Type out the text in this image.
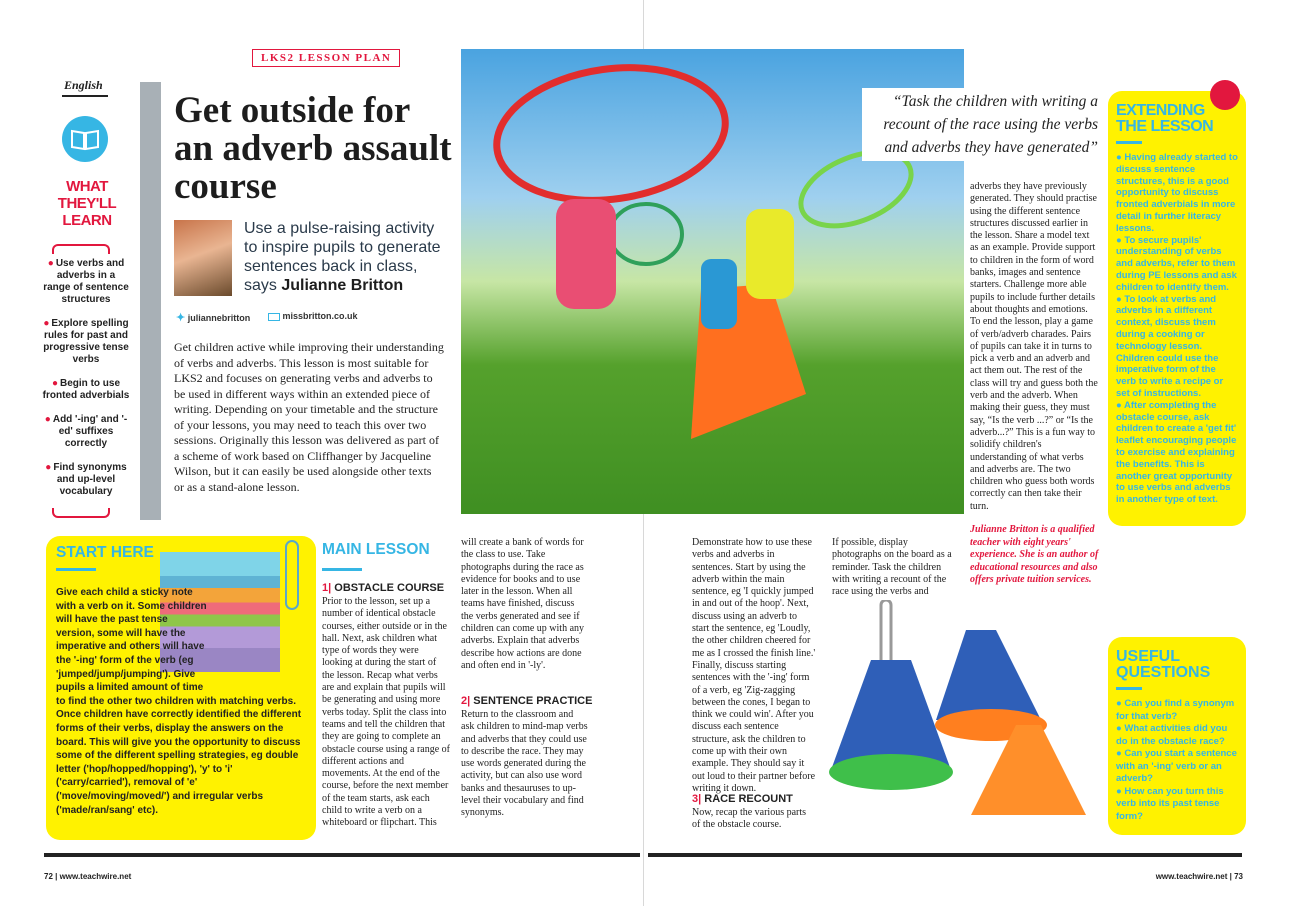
LKS2 LESSON PLAN
English
WHAT THEY'LL LEARN
● Use verbs and adverbs in a range of sentence structures
● Explore spelling rules for past and progressive tense verbs
● Begin to use fronted adverbials
● Add '-ing' and '-ed' suffixes correctly
● Find synonyms and up-level vocabulary
Get outside for an adverb assault course
Use a pulse-raising activity to inspire pupils to generate sentences back in class, says Julianne Britton
✦ juliannebritton	missbritton.co.uk

Get children active while improving their understanding of verbs and adverbs. This lesson is most suitable for LKS2 and focuses on generating verbs and adverbs to be used in different ways within an extended piece of writing. Depending on your timetable and the structure of your lessons, you may need to teach this over two sessions. Originally this lesson was delivered as part of a scheme of work based on Cliffhanger by Jacqueline Wilson, but it can easily be used alongside other texts or as a stand-alone lesson.

“Task the children with writing a recount of the race using the verbs and adverbs they have generated”

adverbs they have previously generated. They should practise using the different sentence structures discussed earlier in the lesson. Share a model text as an example. Provide support to children in the form of word banks, images and sentence starters. Challenge more able pupils to include further details about thoughts and emotions. To end the lesson, play a game of verb/adverb charades. Pairs of pupils can take it in turns to pick a verb and an adverb and act them out. The rest of the class will try and guess both the verb and the adverb. When making their guess, they must say, “Is the verb ...?” or “Is the adverb...?” This is a fun way to solidify children's understanding of what verbs and adverbs are. The two children who guess both words correctly can then take their turn.

Julianne Britton is a qualified teacher with eight years' experience. She is an author of educational resources and also offers private tuition services.

EXTENDING THE LESSON

● Having already started to discuss sentence structures, this is a good opportunity to discuss fronted adverbials in more detail in further literacy lessons.

● To secure pupils' understanding of verbs and adverbs, refer to them during PE lessons and ask children to identify them.

● To look at verbs and adverbs in a different context, discuss them during a cooking or technology lesson. Children could use the imperative form of the verb to write a recipe or set of instructions.

● After completing the obstacle course, ask children to create a 'get fit' leaflet encouraging people to exercise and explaining the benefits. This is another great opportunity to use verbs and adverbs in another type of text.

START HERE

Give each child a sticky note with a verb on it. Some children will have the past tense version, some will have the imperative and others will have the '-ing' form of the verb (eg 'jumped/jump/jumping'). Give pupils a limited amount of time to find the other two children with matching verbs. Once children have correctly identified the different forms of their verbs, display the answers on the board. This will give you the opportunity to discuss some of the different spelling strategies, eg double letter ('hop/hopped/hopping'), 'y' to 'i' ('carry/carried'), removal of 'e' ('move/moving/moved/') and irregular verbs ('made/ran/sang' etc).

MAIN LESSON
1| OBSTACLE COURSE

Prior to the lesson, set up a number of identical obstacle courses, either outside or in the hall. Next, ask children what type of words they were looking at during the start of the lesson. Recap what verbs are and explain that pupils will be generating and using more verbs today. Split the class into teams and tell the children that they are going to complete an obstacle course using a range of different actions and movements. At the end of the course, before the next member of the team starts, ask each child to write a verb on a whiteboard or flipchart. This

will create a bank of words for the class to use. Take photographs during the race as evidence for books and to use later in the lesson. When all teams have finished, discuss the verbs generated and see if children can come up with any adverbs. Explain that adverbs describe how actions are done and often end in '-ly'.

2| SENTENCE PRACTICE

Return to the classroom and ask children to mind-map verbs and adverbs that they could use to describe the race. They may use words generated during the activity, but can also use word banks and thesauruses to up-level their vocabulary and find synonyms.

Demonstrate how to use these verbs and adverbs in sentences. Start by using the adverb within the main sentence, eg 'I quickly jumped in and out of the hoop'. Next, discuss using an adverb to start the sentence, eg 'Loudly, the other children cheered for me as I crossed the finish line.' Finally, discuss starting sentences with the '-ing' form of a verb, eg 'Zig-zagging between the cones, I began to think we could win'. After you discuss each sentence structure, ask the children to come up with their own example. They should say it out loud to their partner before writing it down.

3| RACE RECOUNT

Now, recap the various parts of the obstacle course.

If possible, display photographs on the board as a reminder. Task the children with writing a recount of the race using the verbs and

USEFUL QUESTIONS

● Can you find a synonym for that verb?

● What activities did you do in the obstacle race?

● Can you start a sentence with an '-ing' verb or an adverb?

● How can you turn this verb into its past tense form?

72 | www.teachwire.net	www.teachwire.net | 73
